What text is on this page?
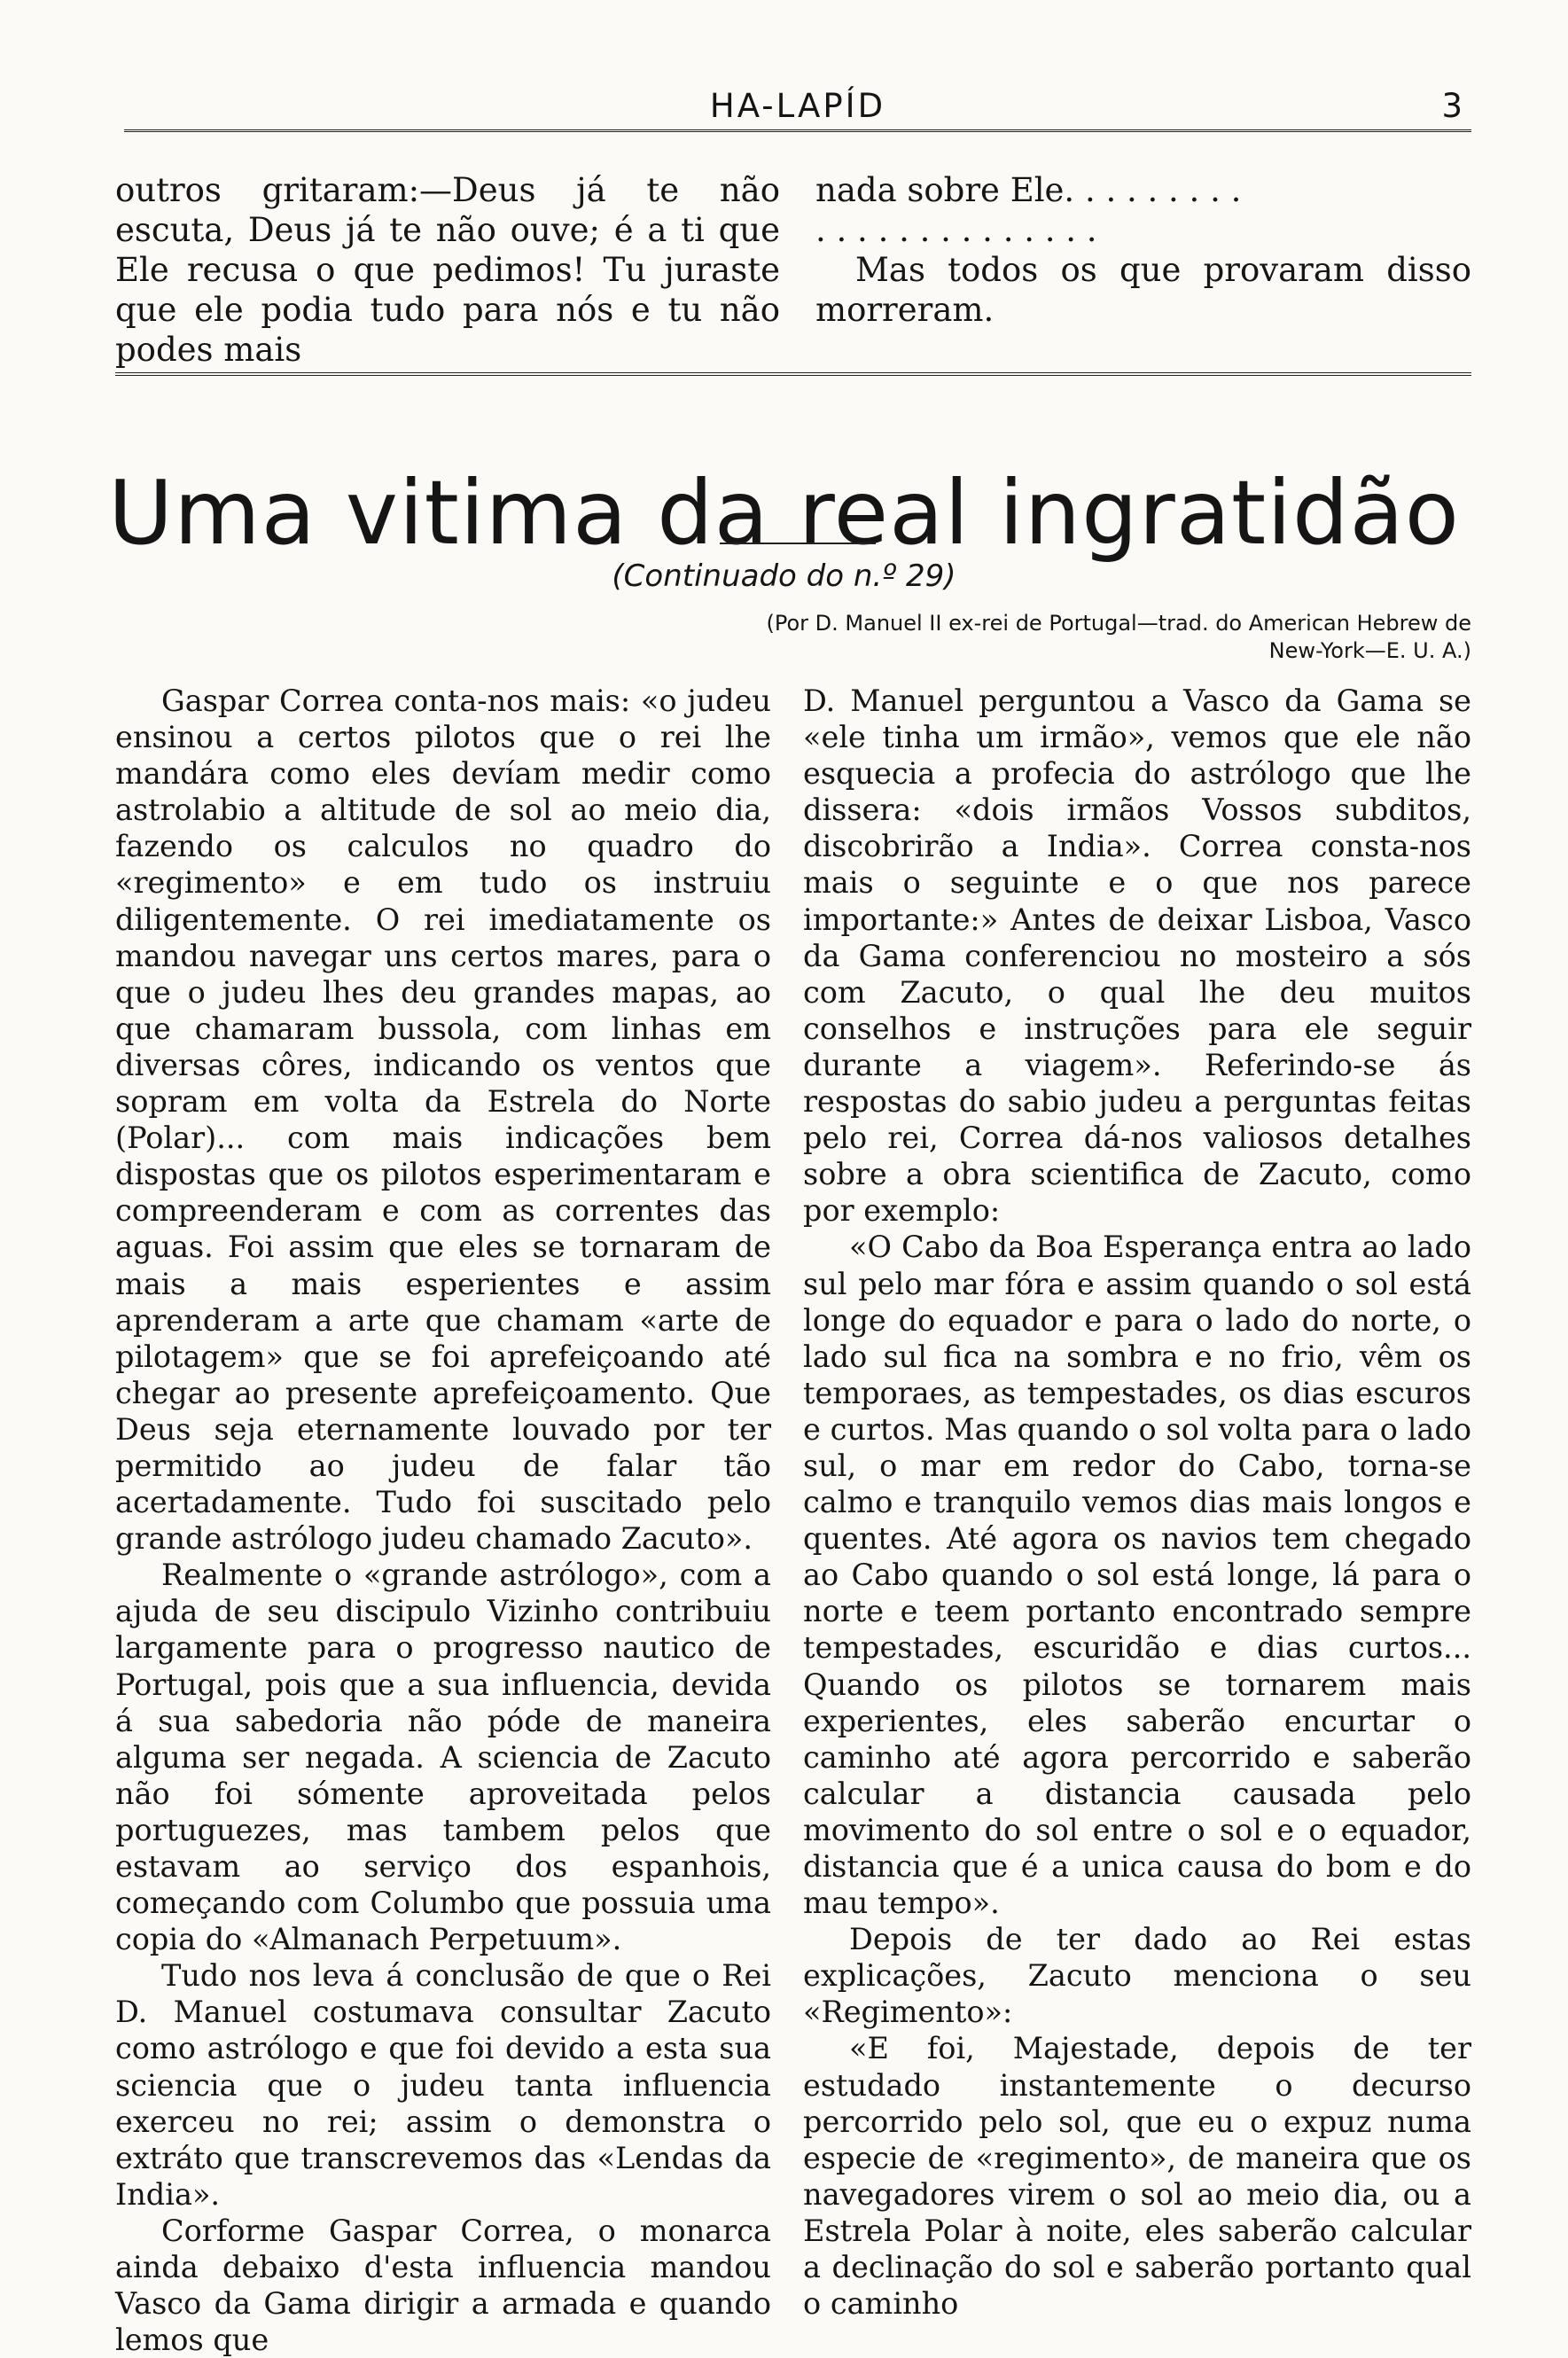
HA-LAPÍD	3
outros gritaram:—Deus já te não escuta, Deus já te não ouve; é a ti que Ele recusa o que pedimos! Tu juraste que ele podia tudo para nós e tu não podes mais
nada sobre Ele. . . . . . . . .
. . . . . . . . . . . . . .
Mas todos os que provaram disso morreram.
Uma vitima da real ingratidão
(Continuado do n.º 29)
(Por D. Manuel II ex-rei de Portugal—trad. do American Hebrew de New-York—E. U. A.)

Gaspar Correa conta-nos mais: «o judeu ensinou a certos pilotos que o rei lhe mandára como eles devíam medir como astrolabio a altitude de sol ao meio dia, fazendo os calculos no quadro do «regimento» e em tudo os instruiu diligentemente. O rei imediatamente os mandou navegar uns certos mares, para o que o judeu lhes deu grandes mapas, ao que chamaram bussola, com linhas em diversas côres, indicando os ventos que sopram em volta da Estrela do Norte (Polar)... com mais indicações bem dispostas que os pilotos esperimentaram e compreenderam e com as correntes das aguas. Foi assim que eles se tornaram de mais a mais esperientes e assim aprenderam a arte que chamam «arte de pilotagem» que se foi aprefeiçoando até chegar ao presente aprefeiçoamento. Que Deus seja eternamente louvado por ter permitido ao judeu de falar tão acertadamente. Tudo foi suscitado pelo grande astrólogo judeu chamado Zacuto».

Realmente o «grande astrólogo», com a ajuda de seu discipulo Vizinho contribuiu largamente para o progresso nautico de Portugal, pois que a sua influencia, devida á sua sabedoria não póde de maneira alguma ser negada. A sciencia de Zacuto não foi sómente aproveitada pelos portuguezes, mas tambem pelos que estavam ao serviço dos espanhois, começando com Columbo que possuia uma copia do «Almanach Perpetuum».

Tudo nos leva á conclusão de que o Rei D. Manuel costumava consultar Zacuto como astrólogo e que foi devido a esta sua sciencia que o judeu tanta influencia exerceu no rei; assim o demonstra o extráto que transcrevemos das «Lendas da India».

Corforme Gaspar Correa, o monarca ainda debaixo d'esta influencia mandou Vasco da Gama dirigir a armada e quando lemos que

D. Manuel perguntou a Vasco da Gama se «ele tinha um irmão», vemos que ele não esquecia a profecia do astrólogo que lhe dissera: «dois irmãos Vossos subditos, discobrirão a India». Correa consta-nos mais o seguinte e o que nos parece importante:» Antes de deixar Lisboa, Vasco da Gama conferenciou no mosteiro a sós com Zacuto, o qual lhe deu muitos conselhos e instruções para ele seguir durante a viagem». Referindo-se ás respostas do sabio judeu a perguntas feitas pelo rei, Correa dá-nos valiosos detalhes sobre a obra scientifica de Zacuto, como por exemplo:

«O Cabo da Boa Esperança entra ao lado sul pelo mar fóra e assim quando o sol está longe do equador e para o lado do norte, o lado sul fica na sombra e no frio, vêm os temporaes, as tempestades, os dias escuros e curtos. Mas quando o sol volta para o lado sul, o mar em redor do Cabo, torna-se calmo e tranquilo vemos dias mais longos e quentes. Até agora os navios tem chegado ao Cabo quando o sol está longe, lá para o norte e teem portanto encontrado sempre tempestades, escuridão e dias curtos... Quando os pilotos se tornarem mais experientes, eles saberão encurtar o caminho até agora percorrido e saberão calcular a distancia causada pelo movimento do sol entre o sol e o equador, distancia que é a unica causa do bom e do mau tempo».

Depois de ter dado ao Rei estas explicações, Zacuto menciona o seu «Regimento»:

«E foi, Majestade, depois de ter estudado instantemente o decurso percorrido pelo sol, que eu o expuz numa especie de «regimento», de maneira que os navegadores virem o sol ao meio dia, ou a Estrela Polar à noite, eles saberão calcular a declinação do sol e saberão portanto qual o caminho
